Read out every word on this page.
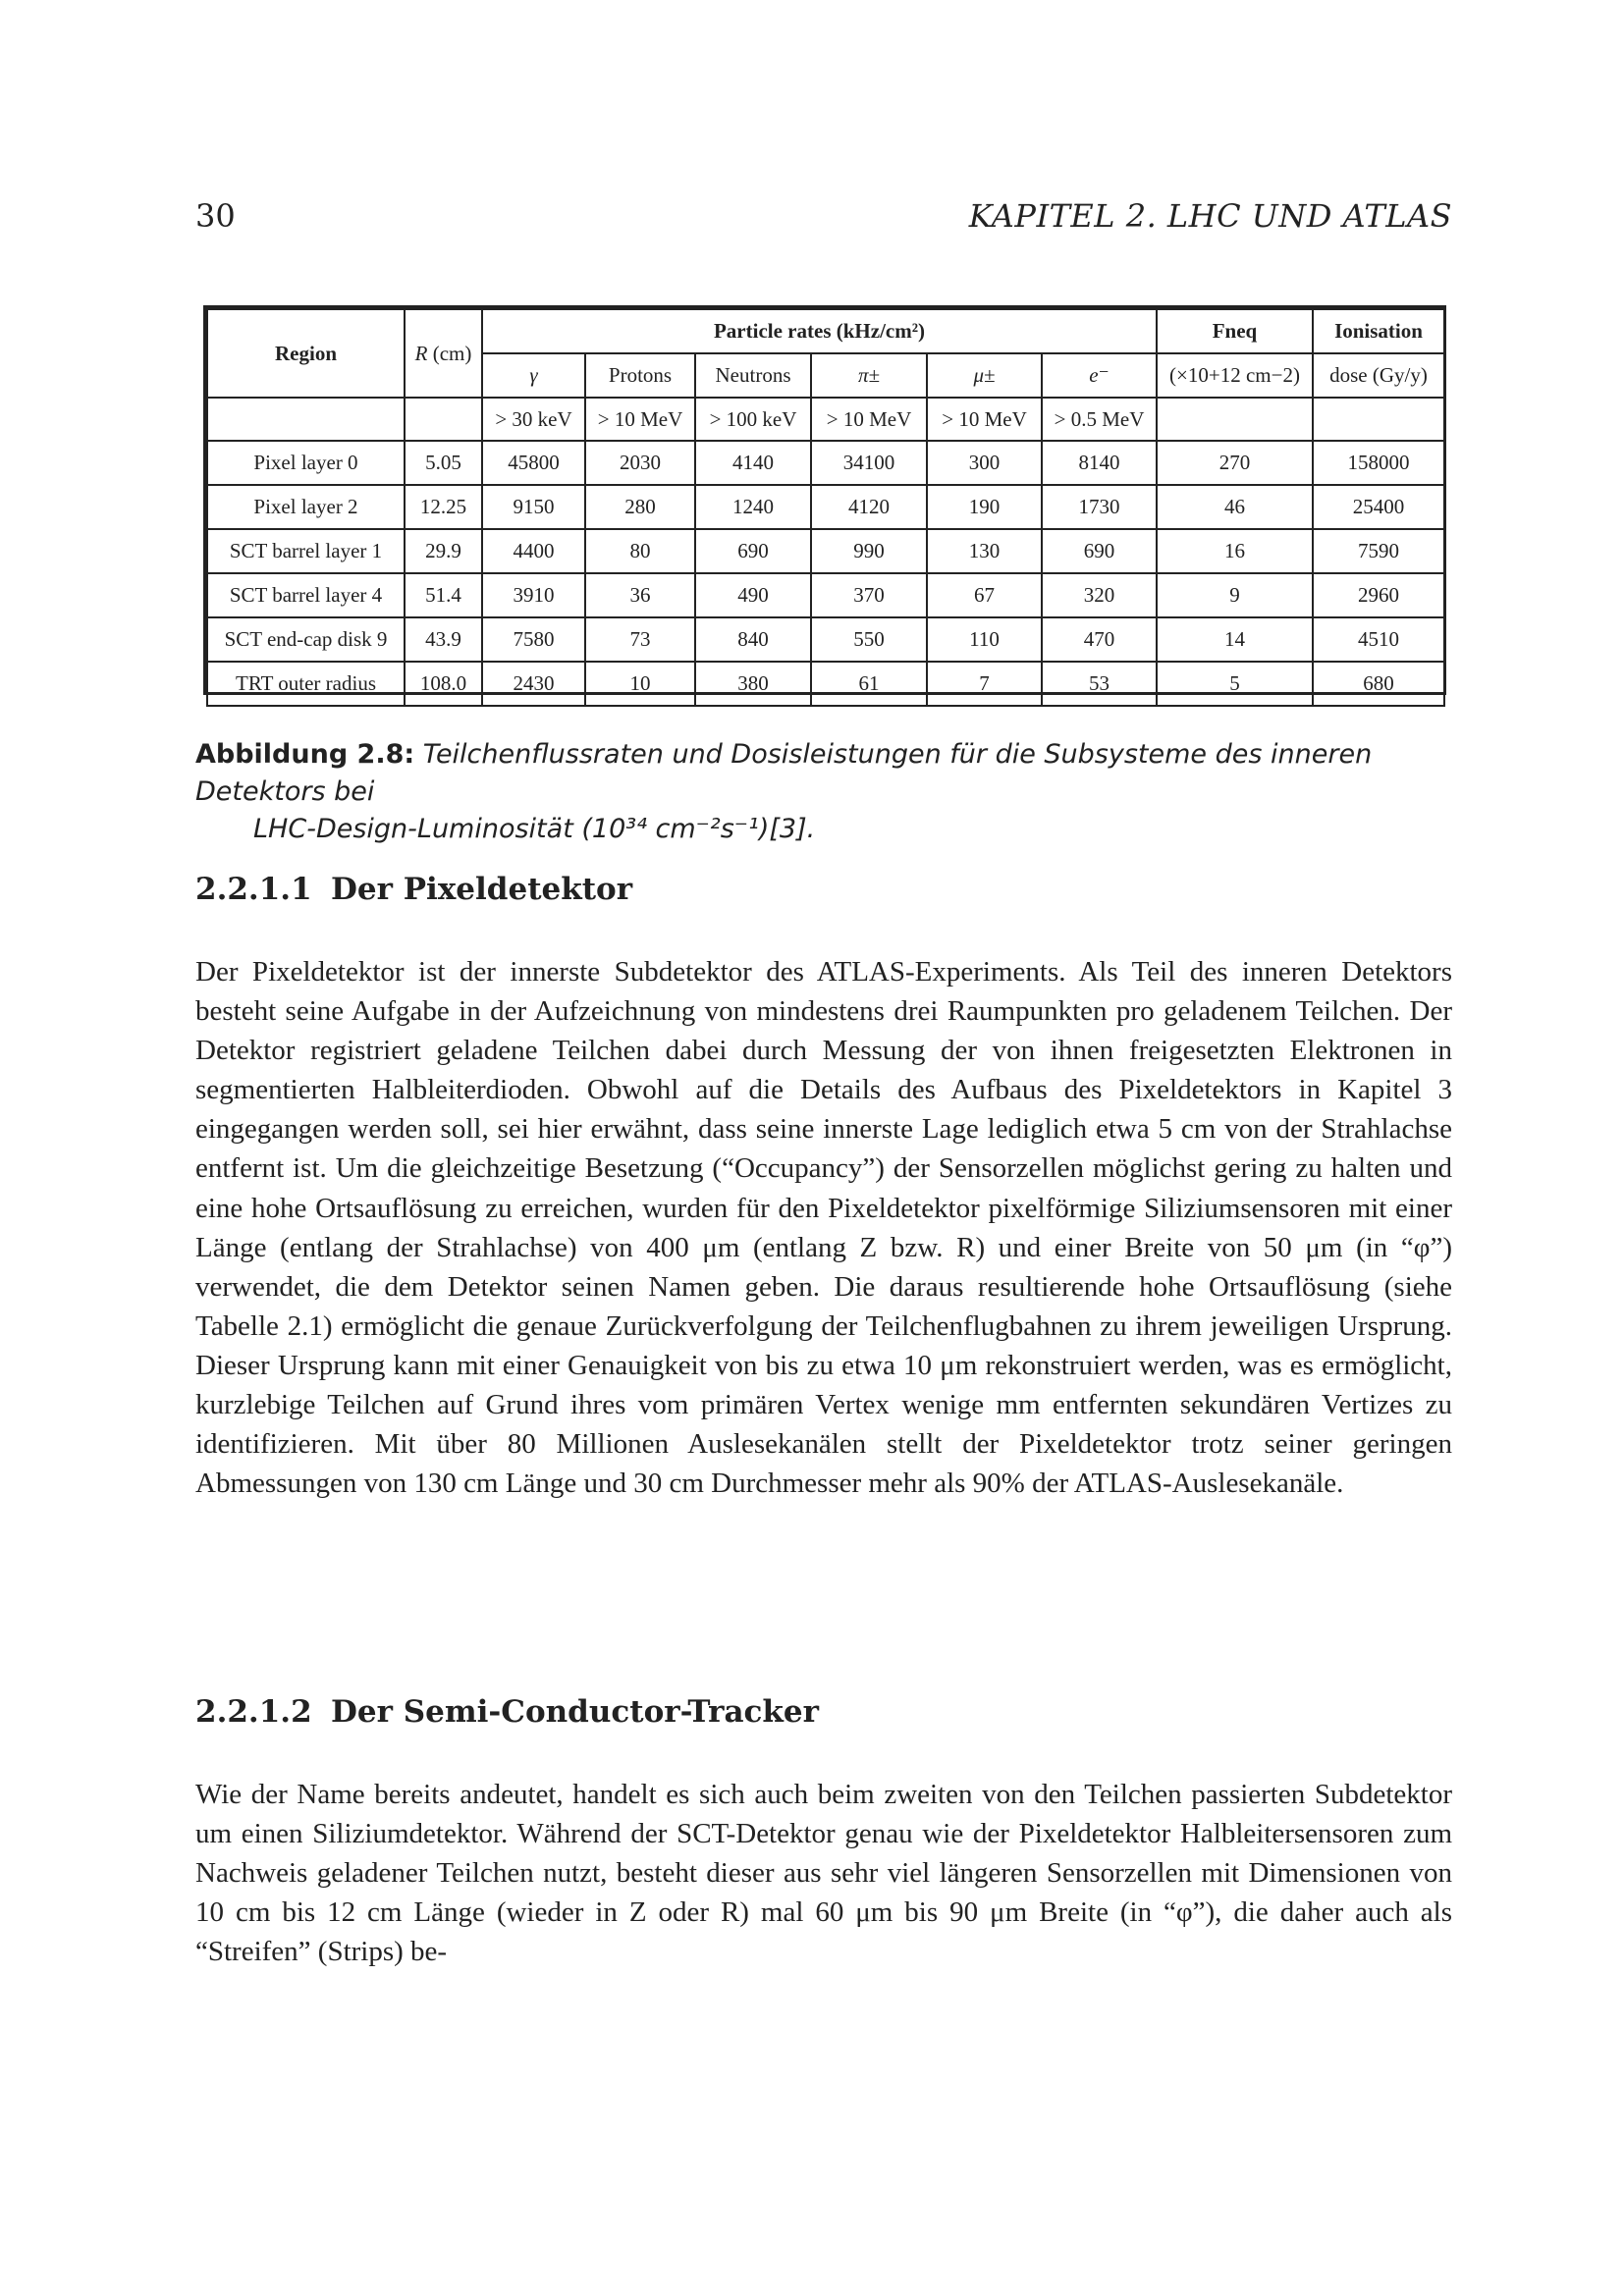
30	KAPITEL 2. LHC UND ATLAS
Region	R (cm)	Particle rates (kHz/cm²)						Fneq	Ionisation
		γ	Protons	Neutrons	π±	μ±	e⁻	(×10+12 cm−2)	dose (Gy/y)
		> 30 keV	> 10 MeV	> 100 keV	> 10 MeV	> 10 MeV	> 0.5 MeV		
Pixel layer 0	5.05	45800	2030	4140	34100	300	8140	270	158000
Pixel layer 2	12.25	9150	280	1240	4120	190	1730	46	25400
SCT barrel layer 1	29.9	4400	80	690	990	130	690	16	7590
SCT barrel layer 4	51.4	3910	36	490	370	67	320	9	2960
SCT end-cap disk 9	43.9	7580	73	840	550	110	470	14	4510
TRT outer radius	108.0	2430	10	380	61	7	53	5	680
Abbildung 2.8: Teilchenflussraten und Dosisleistungen für die Subsysteme des inneren Detektors bei
LHC-Design-Luminosität (10³⁴ cm⁻²s⁻¹)[3].
2.2.1.1 Der Pixeldetektor

Der Pixeldetektor ist der innerste Subdetektor des ATLAS-Experiments. Als Teil des inneren Detektors besteht seine Aufgabe in der Aufzeichnung von mindestens drei Raumpunkten pro geladenem Teilchen. Der Detektor registriert geladene Teilchen dabei durch Messung der von ihnen freigesetzten Elektronen in segmentierten Halbleiterdioden. Obwohl auf die Details des Aufbaus des Pixeldetektors in Kapitel 3 eingegangen werden soll, sei hier erwähnt, dass seine innerste Lage lediglich etwa 5 cm von der Strahlachse entfernt ist. Um die gleichzeitige Besetzung (“Occupancy”) der Sensorzellen möglichst gering zu halten und eine hohe Ortsauflösung zu erreichen, wurden für den Pixeldetektor pixelförmige Siliziumsensoren mit einer Länge (entlang der Strahlachse) von 400 μm (entlang Z bzw. R) und einer Breite von 50 μm (in “φ”) verwendet, die dem Detektor seinen Namen geben. Die daraus resultierende hohe Ortsauflösung (siehe Tabelle 2.1) ermöglicht die genaue Zurückverfolgung der Teilchenflugbahnen zu ihrem jeweiligen Ursprung. Dieser Ursprung kann mit einer Genauigkeit von bis zu etwa 10 μm rekonstruiert werden, was es ermöglicht, kurzlebige Teilchen auf Grund ihres vom primären Vertex wenige mm entfernten sekundären Vertizes zu identifizieren. Mit über 80 Millionen Auslesekanälen stellt der Pixeldetektor trotz seiner geringen Abmessungen von 130 cm Länge und 30 cm Durchmesser mehr als 90% der ATLAS-Auslesekanäle.

2.2.1.2 Der Semi-Conductor-Tracker

Wie der Name bereits andeutet, handelt es sich auch beim zweiten von den Teilchen passierten Subdetektor um einen Siliziumdetektor. Während der SCT-Detektor genau wie der Pixeldetektor Halbleitersensoren zum Nachweis geladener Teilchen nutzt, besteht dieser aus sehr viel längeren Sensorzellen mit Dimensionen von 10 cm bis 12 cm Länge (wieder in Z oder R) mal 60 μm bis 90 μm Breite (in “φ”), die daher auch als “Streifen” (Strips) be-
